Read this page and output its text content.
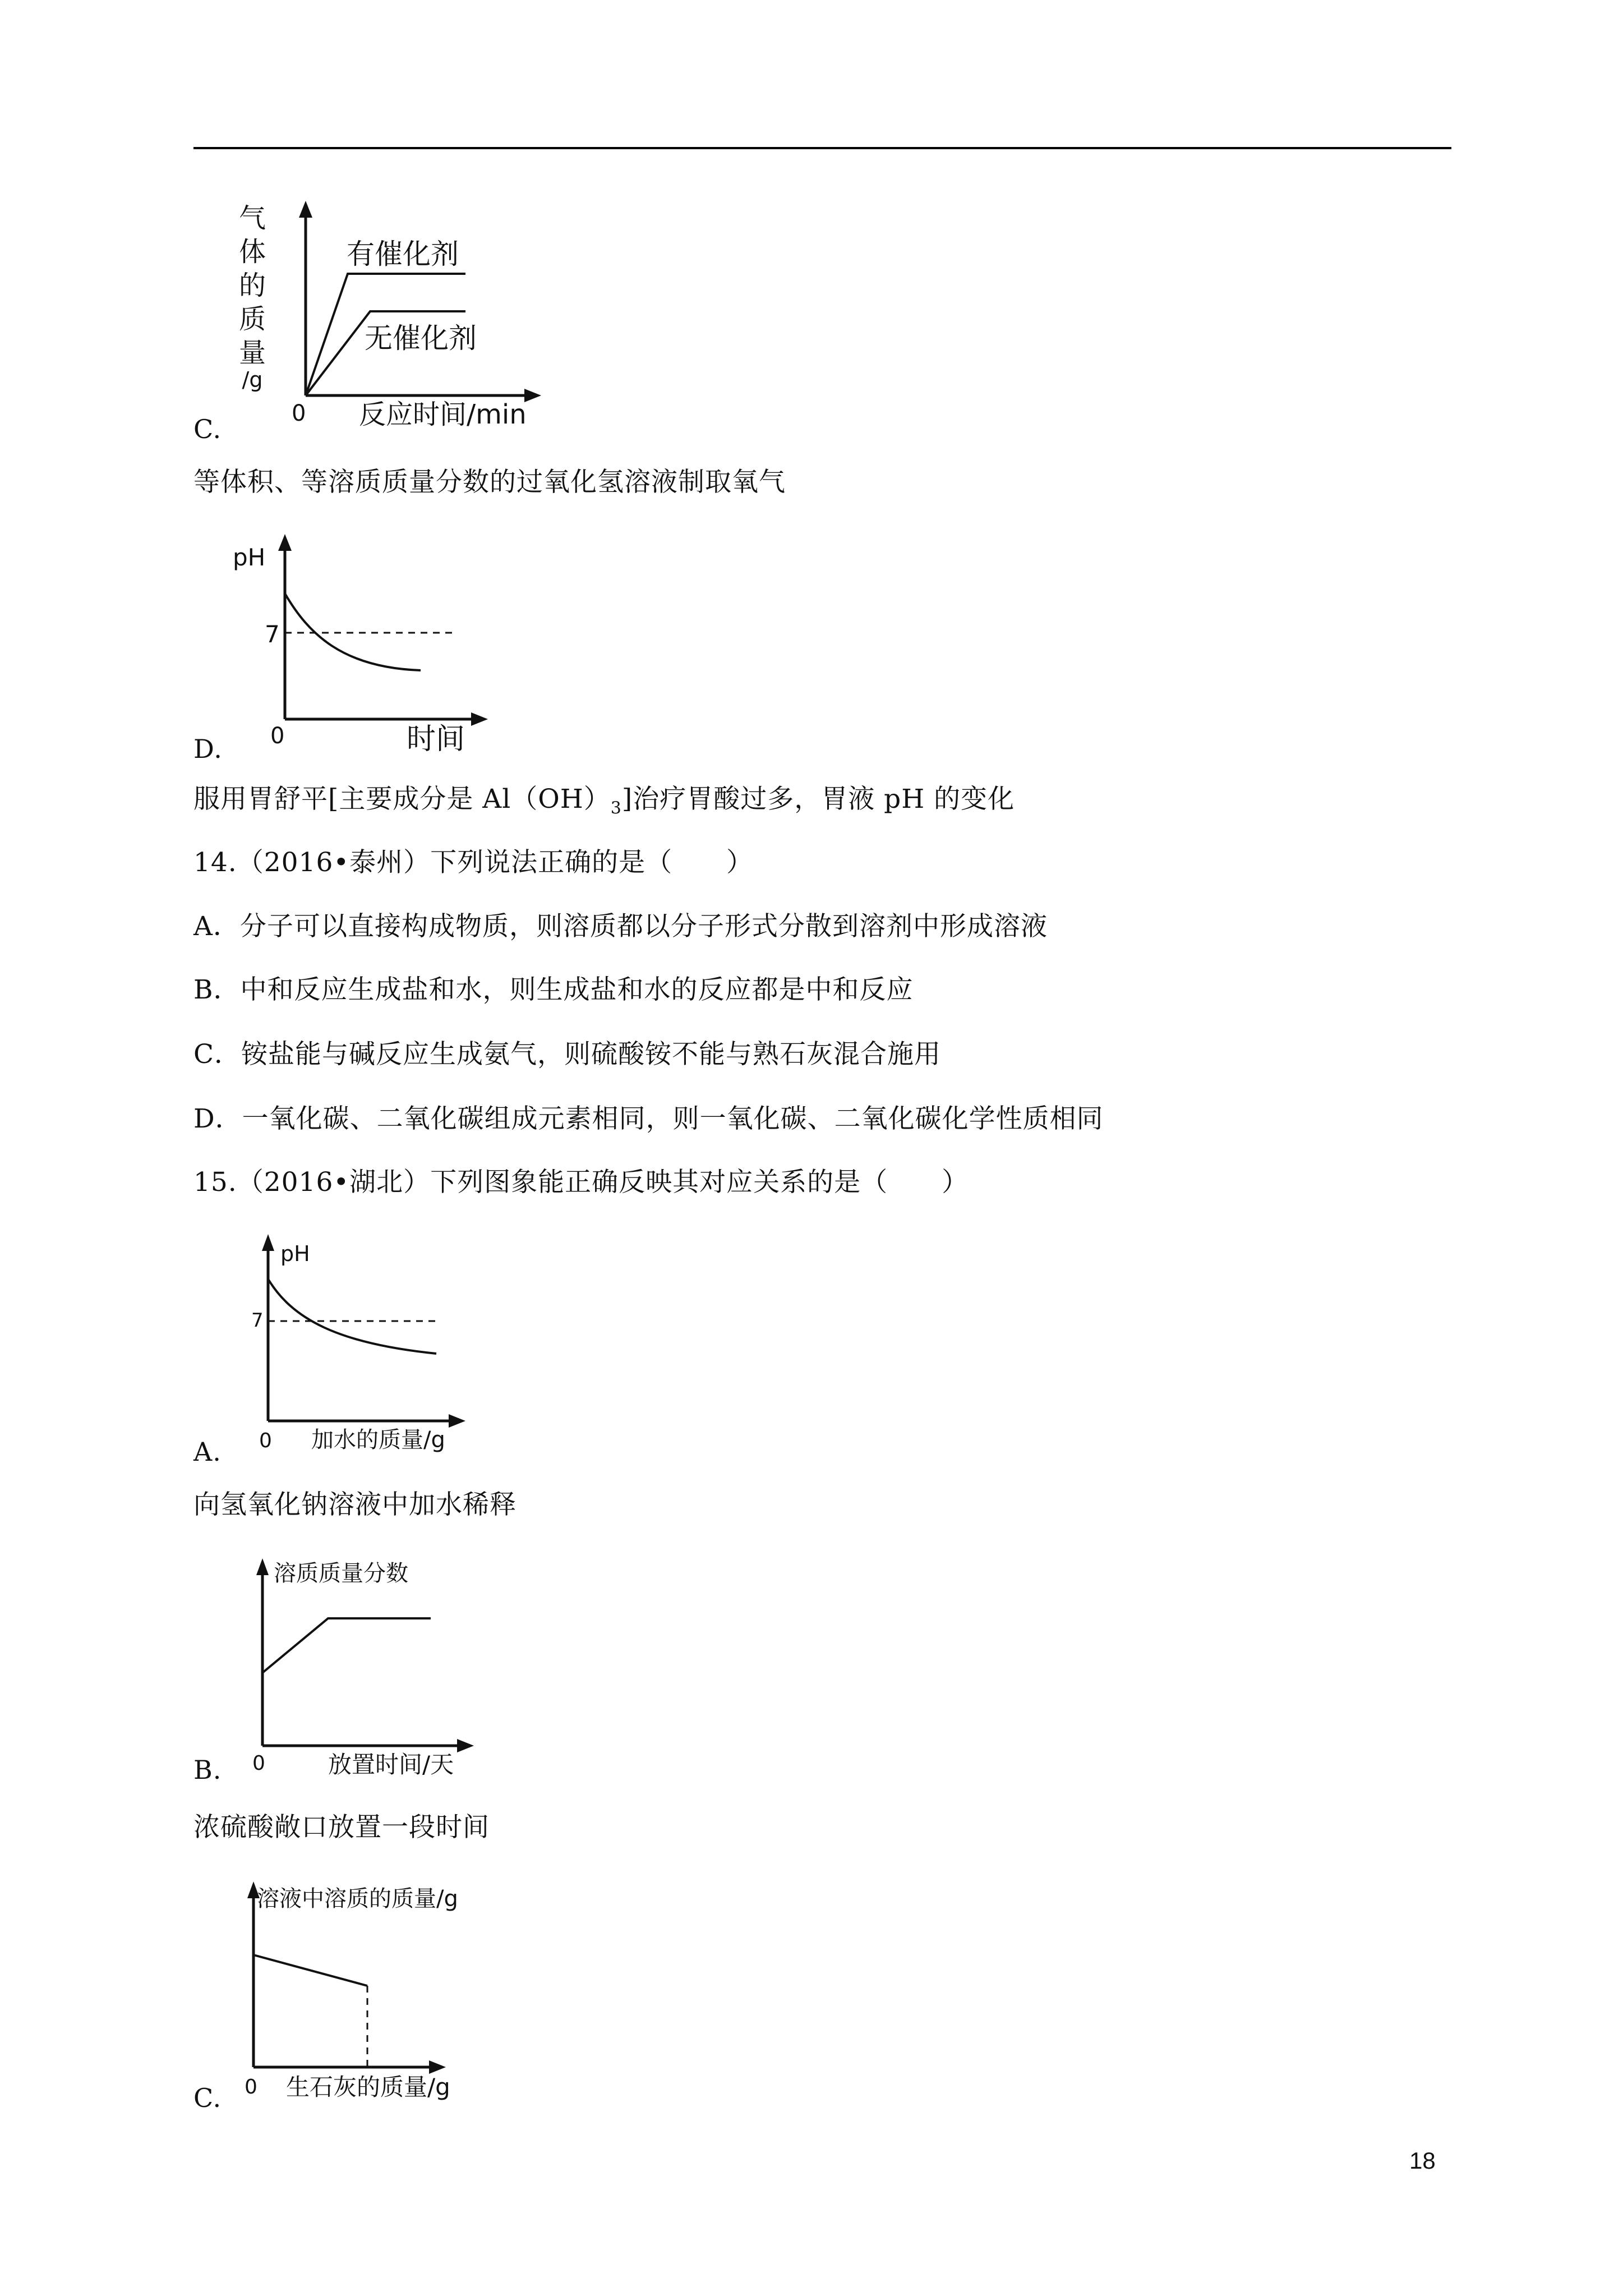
C.
气
体
的
质
量
/g
0 反应时间/min
有催化剂
无催化剂
等体积、等溶质质量分数的过氧化氢溶液制取氧气
D.
pH
7
0	时间
服用胃舒平[主要成分是 $Al(OH)_3$]治疗胃酸过多，胃液 pH 的变化
14.（2016•泰州）下列说法正确的是（　　）
A．分子可以直接构成物质，则溶质都以分子形式分散到溶剂中形成溶液
B．中和反应生成盐和水，则生成盐和水的反应都是中和反应
C．铵盐能与碱反应生成氨气，则硫酸铵不能与熟石灰混合施用
D．一氧化碳、二氧化碳组成元素相同，则一氧化碳、二氧化碳化学性质相同
15.（2016•湖北）下列图象能正确反映其对应关系的是（　　）
A.
pH
7
0 加水的质量/g
向氢氧化钠溶液中加水稀释
B.
溶质质量分数
0	放置时间/天
浓硫酸敞口放置一段时间
C.
溶液中溶质的质量/g
0 生石灰的质量/g
18
